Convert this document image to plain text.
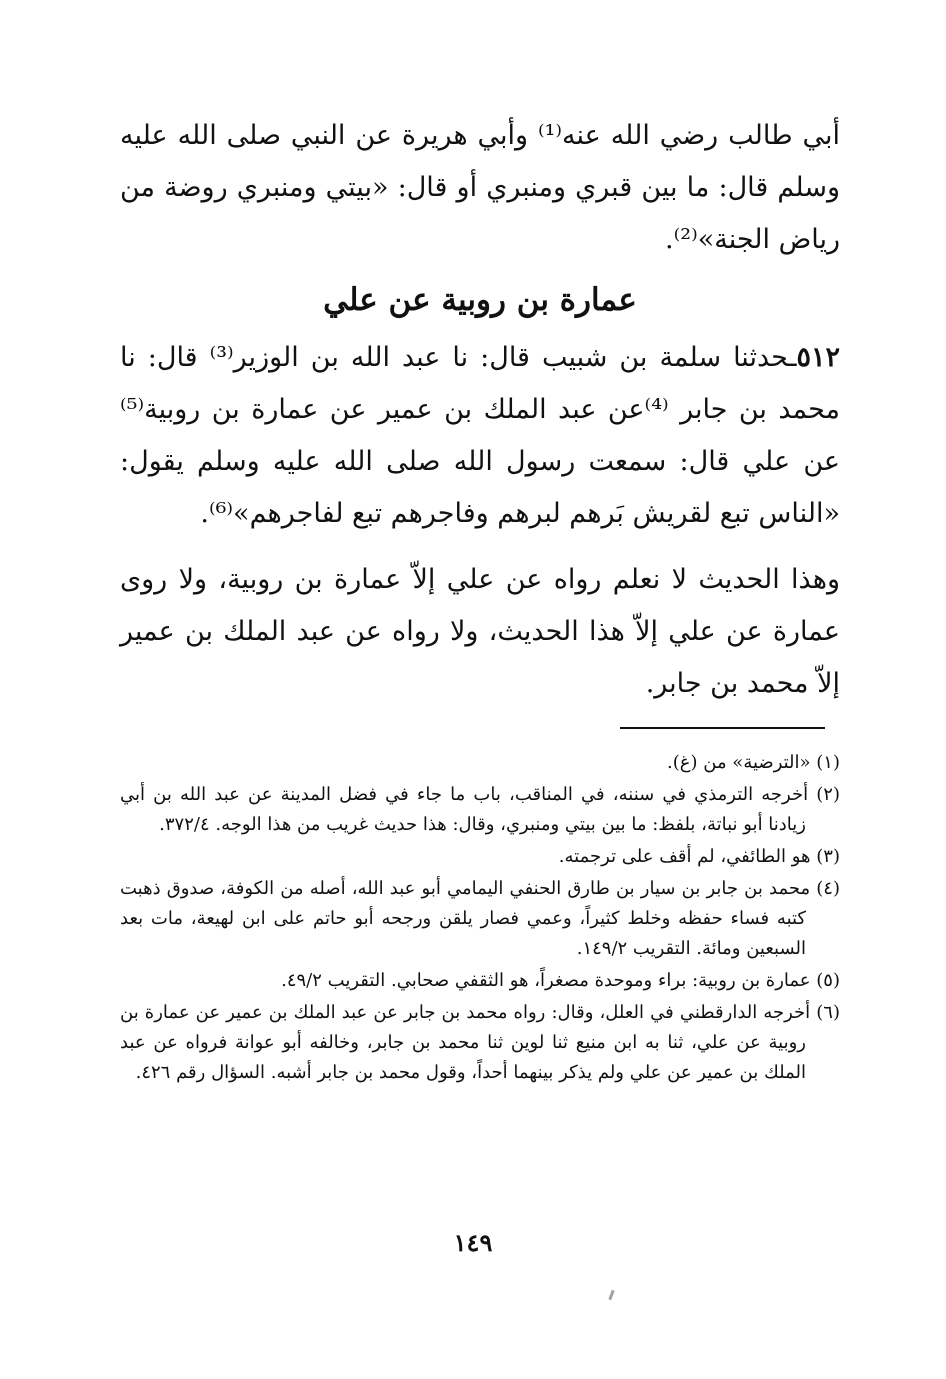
أبي طالب رضي الله عنه⁽¹⁾ وأبي هريرة عن النبي صلى الله عليه وسلم قال: ما بين قبري ومنبري أو قال: «بيتي ومنبري روضة من رياض الجنة»⁽²⁾.

عمارة بن روبية عن علي

٥١٢ـحدثنا سلمة بن شبيب قال: نا عبد الله بن الوزير⁽³⁾ قال: نا محمد بن جابر ⁽⁴⁾عن عبد الملك بن عمير عن عمارة بن روبية⁽⁵⁾ عن علي قال: سمعت رسول الله صلى الله عليه وسلم يقول: «الناس تبع لقريش بَرهم لبرهم وفاجرهم تبع لفاجرهم»⁽⁶⁾.

وهذا الحديث لا نعلم رواه عن علي إلاّ عمارة بن روبية، ولا روى عمارة عن علي إلاّ هذا الحديث، ولا رواه عن عبد الملك بن عمير إلاّ محمد بن جابر.

(١) «الترضية» من (غ).

(٢) أخرجه الترمذي في سننه، في المناقب، باب ما جاء في فضل المدينة عن عبد الله بن أبي زيادنا أبو نباتة، بلفظ: ما بين بيتي ومنبري، وقال: هذا حديث غريب من هذا الوجه. ٣٧٢/٤.

(٣) هو الطائفي، لم أقف على ترجمته.

(٤) محمد بن جابر بن سيار بن طارق الحنفي اليمامي أبو عبد الله، أصله من الكوفة، صدوق ذهبت كتبه فساء حفظه وخلط كثيراً، وعمي فصار يلقن ورجحه أبو حاتم على ابن لهيعة، مات بعد السبعين ومائة. التقريب ١٤٩/٢.

(٥) عمارة بن روبية: براء وموحدة مصغراً، هو الثقفي صحابي. التقريب ٤٩/٢.

(٦) أخرجه الدارقطني في العلل، وقال: رواه محمد بن جابر عن عبد الملك بن عمير عن عمارة بن روبية عن علي، ثنا به ابن منيع ثنا لوين ثنا محمد بن جابر، وخالفه أبو عوانة فرواه عن عبد الملك بن عمير عن علي ولم يذكر بينهما أحداً، وقول محمد بن جابر أشبه. السؤال رقم ٤٢٦.

١٤٩
